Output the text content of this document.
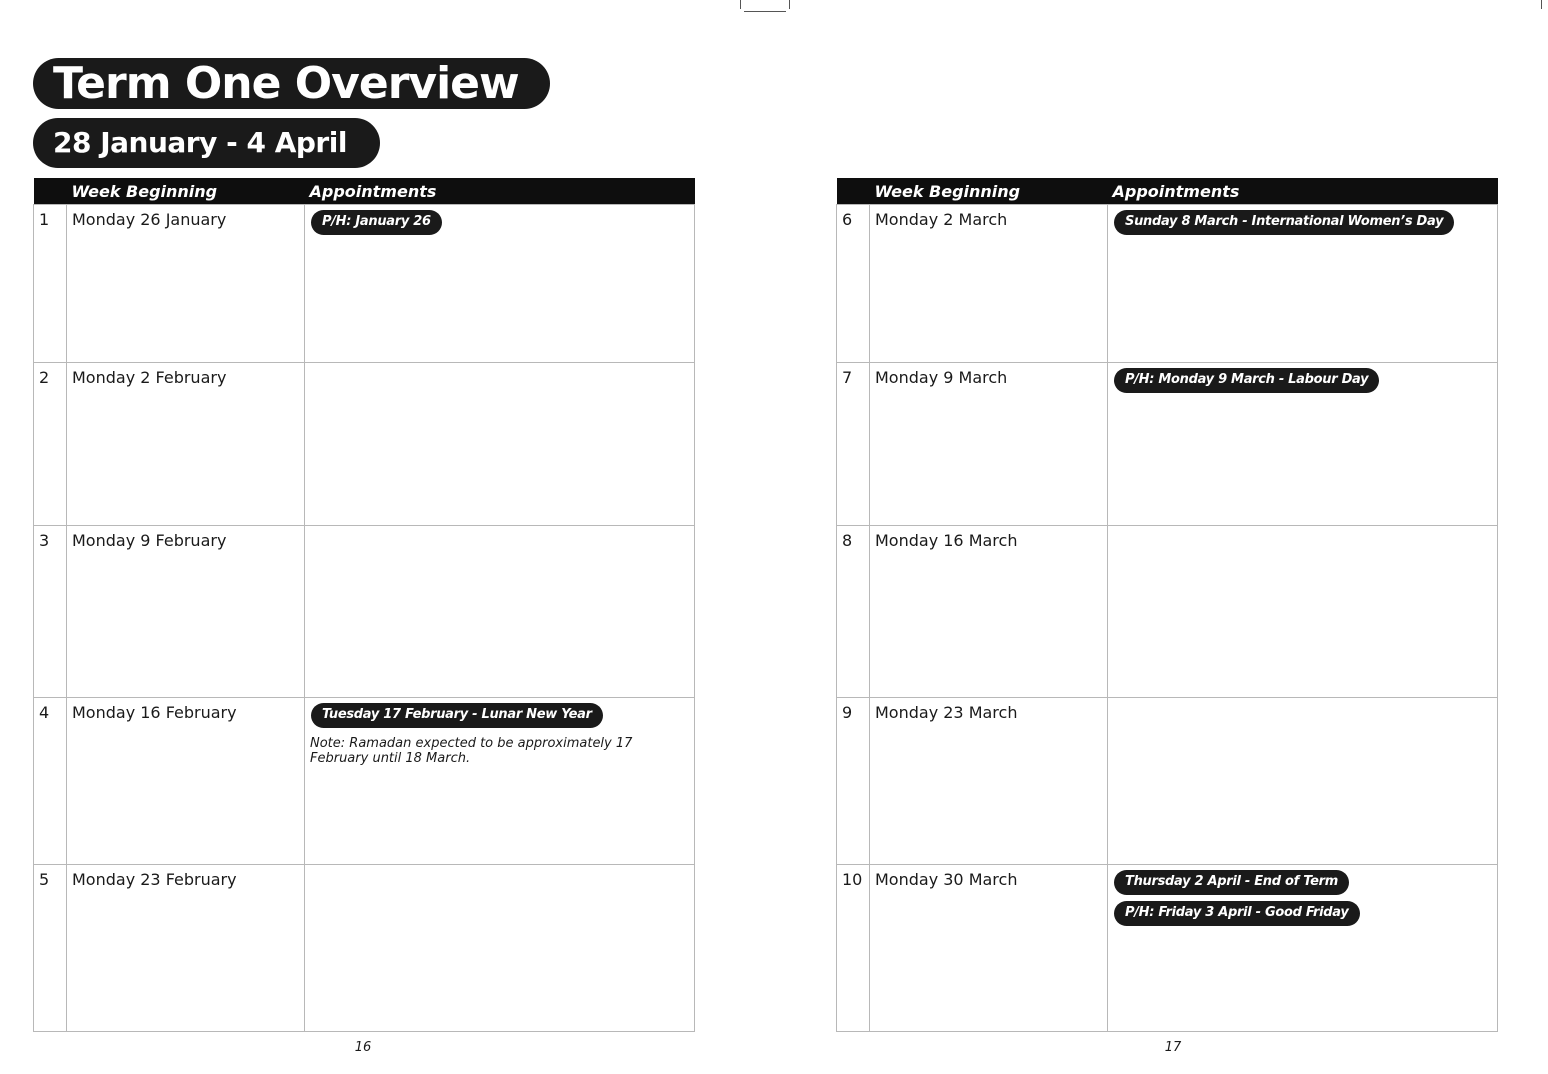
Term One Overview
28 January - 4 April
	Week Beginning	Appointments
1	Monday 26 January	P/H: January 26

2	Monday 2 February	
3	Monday 9 February	
4	Monday 16 February	Tuesday 17 February - Lunar New Year

Note: Ramadan expected to be approximately 17 February until 18 March.

5	Monday 23 February	
	Week Beginning	Appointments
6	Monday 2 March	Sunday 8 March - International Women’s Day

7	Monday 9 March	P/H: Monday 9 March - Labour Day

8	Monday 16 March	
9	Monday 23 March	
10	Monday 30 March	Thursday 2 April - End of Term
P/H: Friday 3 April - Good Friday

16	17
